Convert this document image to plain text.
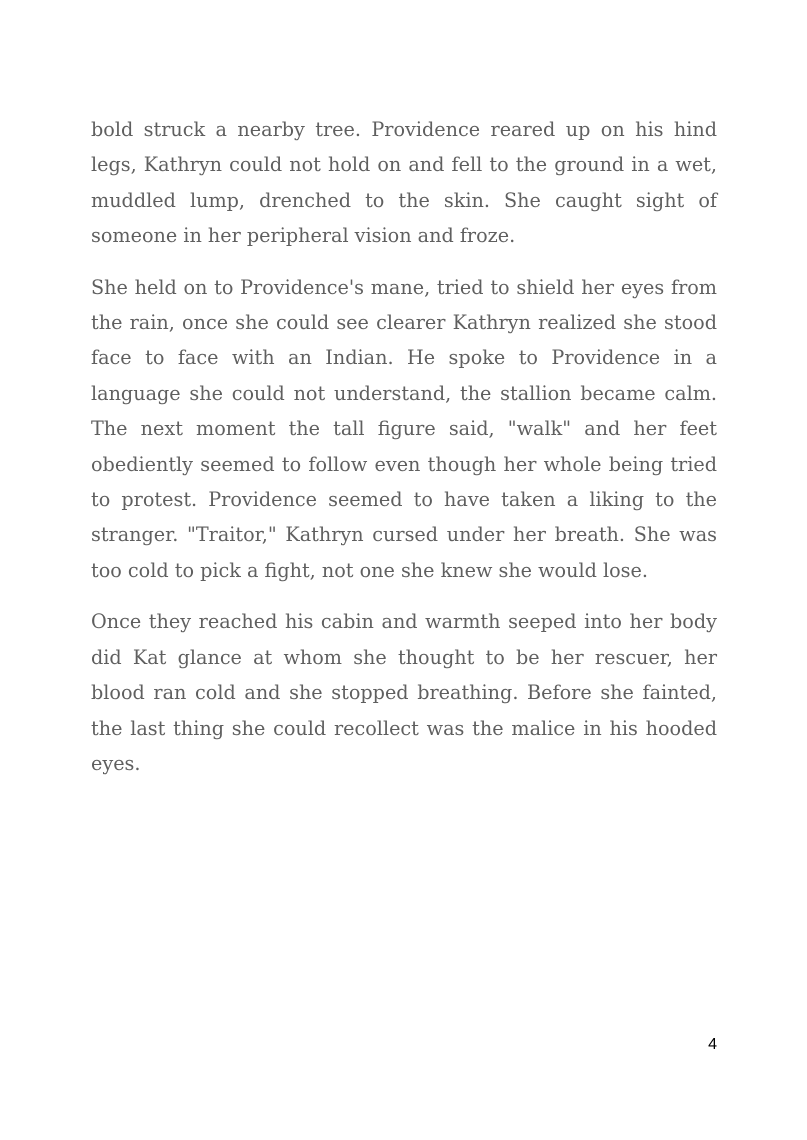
bold struck a nearby tree. Providence reared up on his hind legs, Kathryn could not hold on and fell to the ground in a wet, muddled lump, drenched to the skin. She caught sight of someone in her peripheral vision and froze.

She held on to Providence's mane, tried to shield her eyes from the rain, once she could see clearer Kathryn realized she stood face to face with an Indian. He spoke to Providence in a language she could not understand, the stallion became calm. The next moment the tall figure said, "walk" and her feet obediently seemed to follow even though her whole being tried to protest. Providence seemed to have taken a liking to the stranger. "Traitor," Kathryn cursed under her breath. She was too cold to pick a fight, not one she knew she would lose.

Once they reached his cabin and warmth seeped into her body did Kat glance at whom she thought to be her rescuer, her blood ran cold and she stopped breathing. Before she fainted, the last thing she could recollect was the malice in his hooded eyes.

4
